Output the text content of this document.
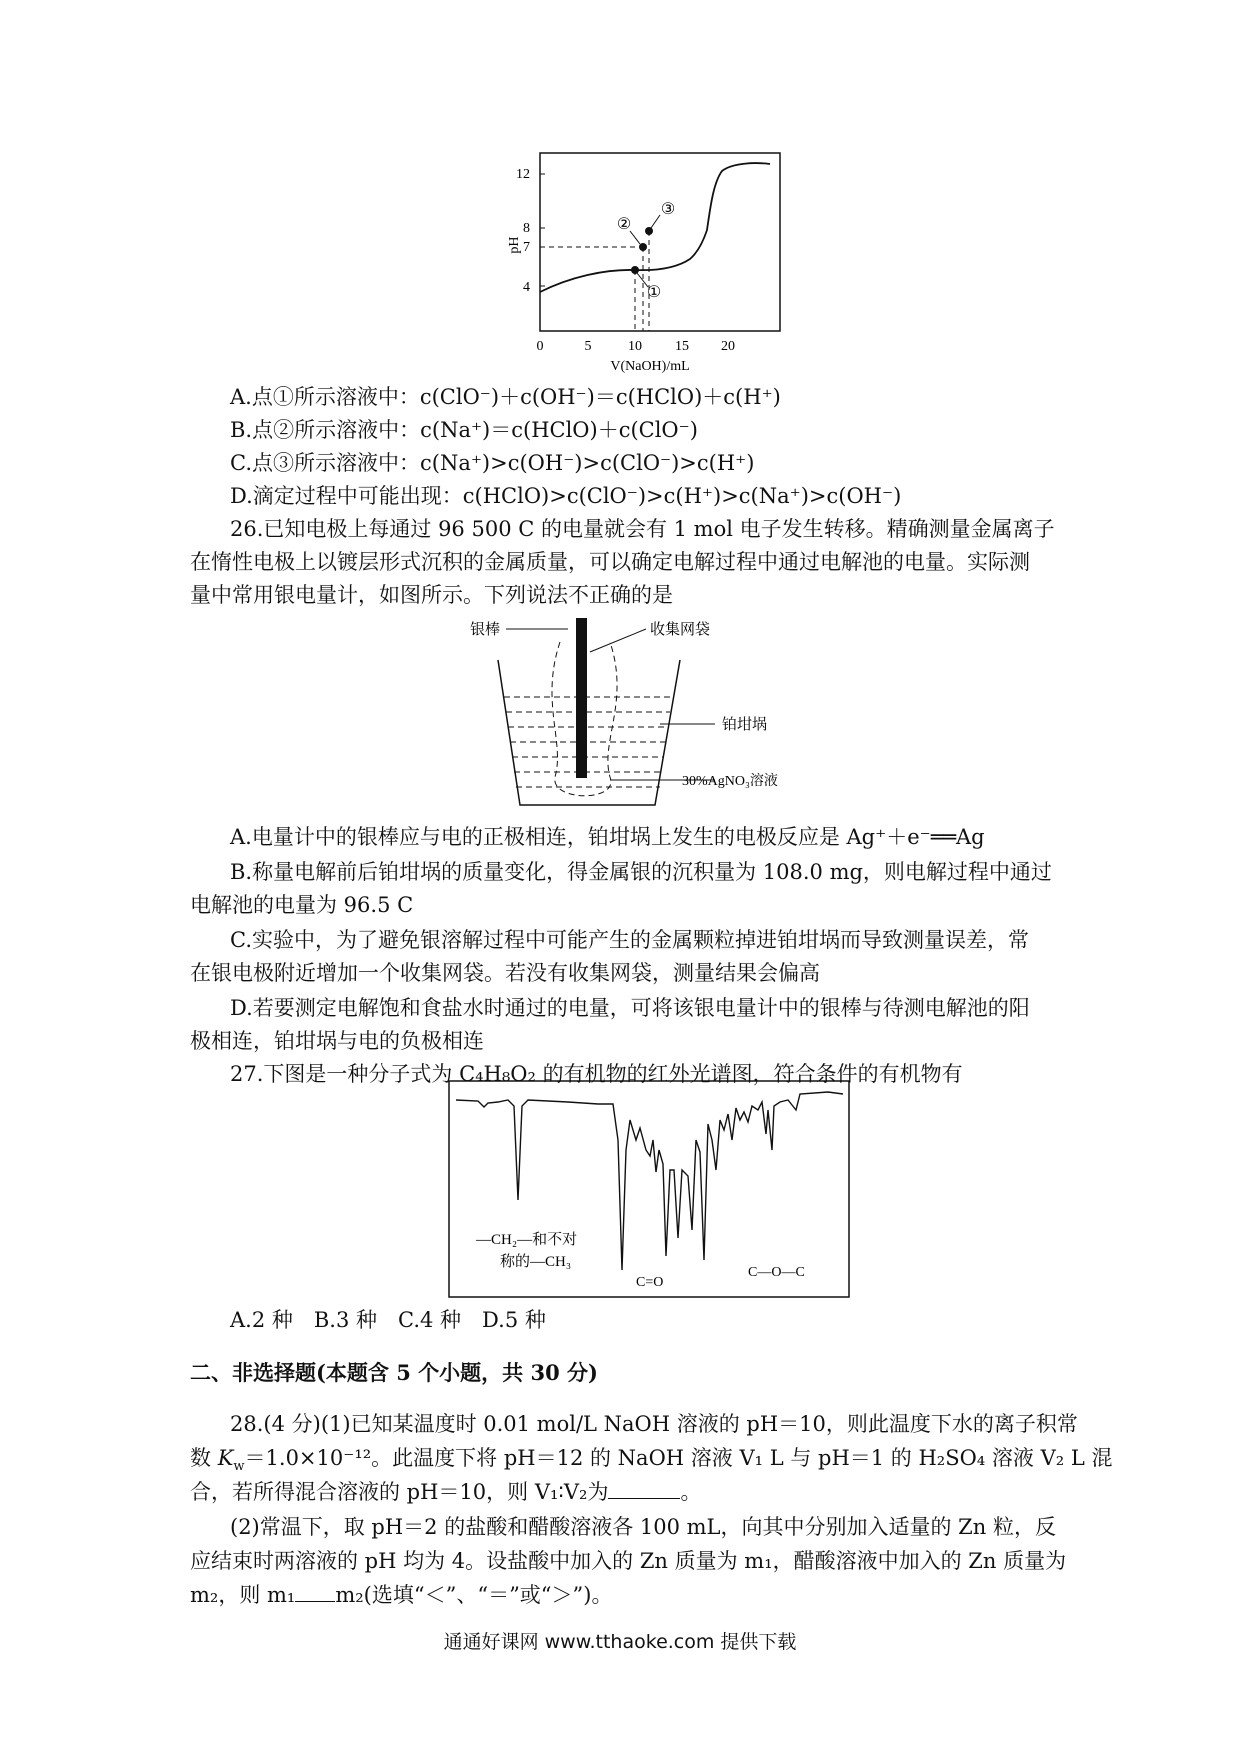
pH
12
8
7
4
0	5	10 15 20
V(NaOH)/mL
①
②
③
A.点①所示溶液中：c(ClO⁻)＋c(OH⁻)＝c(HClO)＋c(H⁺)
B.点②所示溶液中：c(Na⁺)＝c(HClO)＋c(ClO⁻)
C.点③所示溶液中：c(Na⁺)>c(OH⁻)>c(ClO⁻)>c(H⁺)
D.滴定过程中可能出现：c(HClO)>c(ClO⁻)>c(H⁺)>c(Na⁺)>c(OH⁻)
26.已知电极上每通过 96 500 C 的电量就会有 1 mol 电子发生转移。精确测量金属离子
在惰性电极上以镀层形式沉积的金属质量，可以确定电解过程中通过电解池的电量。实际测
量中常用银电量计，如图所示。下列说法不正确的是
银棒	收集网袋
铂坩埚
30%AgNO₃溶液
A.电量计中的银棒应与电的正极相连，铂坩埚上发生的电极反应是 Ag⁺＋e⁻══Ag
B.称量电解前后铂坩埚的质量变化，得金属银的沉积量为 108.0 mg，则电解过程中通过
电解池的电量为 96.5 C
C.实验中，为了避免银溶解过程中可能产生的金属颗粒掉进铂坩埚而导致测量误差，常
在银电极附近增加一个收集网袋。若没有收集网袋，测量结果会偏高
D.若要测定电解饱和食盐水时通过的电量，可将该银电量计中的银棒与待测电解池的阳
极相连，铂坩埚与电的负极相连
27.下图是一种分子式为 C₄H₈O₂ 的有机物的红外光谱图，符合条件的有机物有
—CH₂—和不对
称的—CH₃
C=O
C—O—C
A.2 种　B.3 种　C.4 种　D.5 种
二、非选择题(本题含 5 个小题，共 30 分)
28.(4 分)(1)已知某温度时 0.01 mol/L NaOH 溶液的 pH＝10，则此温度下水的离子积常
数 $K_w=1.0\times 10^{-12}$。此温度下将 pH＝12 的 NaOH 溶液 V₁ L 与 pH＝1 的 H₂SO₄ 溶液 V₂ L 混
合，若所得混合溶液的 pH＝10，则 V₁∶V₂为	。
(2)常温下，取 pH＝2 的盐酸和醋酸溶液各 100 mL，向其中分别加入适量的 Zn 粒，反
应结束时两溶液的 pH 均为 4。设盐酸中加入的 Zn 质量为 m₁，醋酸溶液中加入的 Zn 质量为
m₂，则 m₁ m₂(选填“＜”、“＝”或“＞”)。
通通好课网 www.tthaoke.com 提供下载
